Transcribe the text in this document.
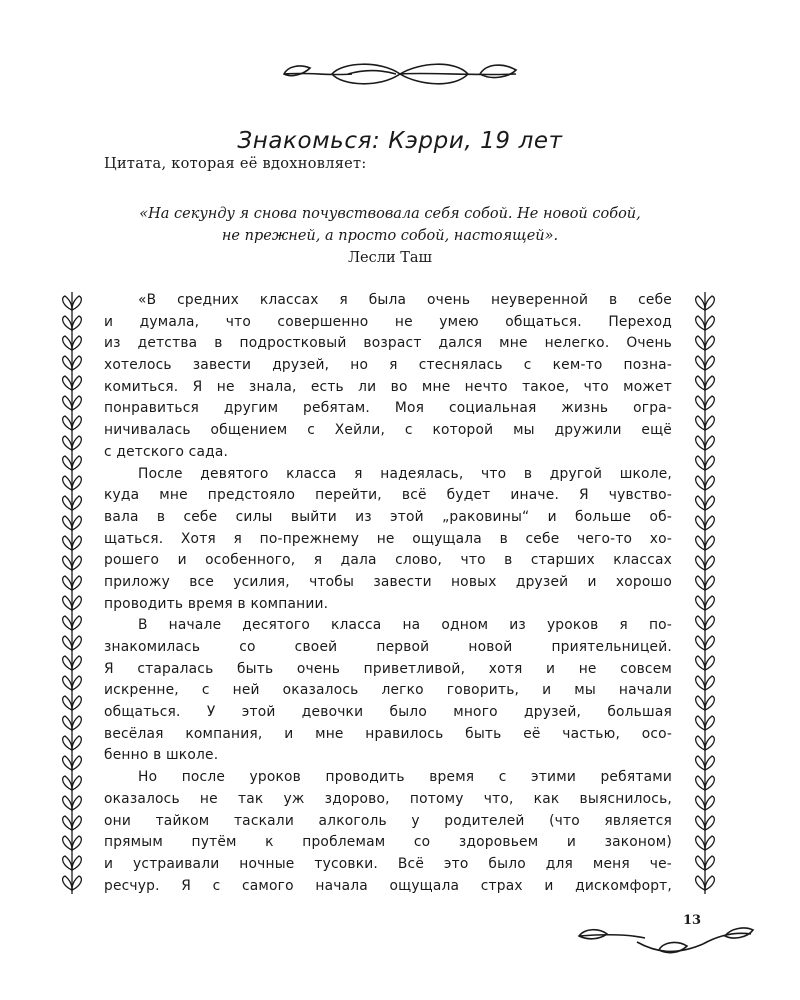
Знакомься: Кэрри, 19 лет
Цитата, которая её вдохновляет:
«На секунду я снова почувствовала себя собой. Не новой собой,
не прежней, а просто собой, настоящей».
Лесли Таш
«В средних классах я была очень неуверенной в себе
и думала, что совершенно не умею общаться. Переход
из детства в подростковый возраст дался мне нелегко. Очень
хотелось завести друзей, но я стеснялась с кем-то позна-
комиться. Я не знала, есть ли во мне нечто такое, что может
понравиться другим ребятам. Моя социальная жизнь огра-
ничивалась общением с Хейли, с которой мы дружили ещё
с детского сада.
После девятого класса я надеялась, что в другой школе,
куда мне предстояло перейти, всё будет иначе. Я чувство-
вала в себе силы выйти из этой „раковины“ и больше об-
щаться. Хотя я по-прежнему не ощущала в себе чего-то хо-
рошего и особенного, я дала слово, что в старших классах
приложу все усилия, чтобы завести новых друзей и хорошо
проводить время в компании.
В начале десятого класса на одном из уроков я по-
знакомилась со своей первой новой приятельницей.
Я старалась быть очень приветливой, хотя и не совсем
искренне, с ней оказалось легко говорить, и мы начали
общаться. У этой девочки было много друзей, большая
весёлая компания, и мне нравилось быть её частью, осо-
бенно в школе.
Но после уроков проводить время с этими ребятами
оказалось не так уж здорово, потому что, как выяснилось,
они тайком таскали алкоголь у родителей (что является
прямым путём к проблемам со здоровьем и законом)
и устраивали ночные тусовки. Всё это было для меня че-
ресчур. Я с самого начала ощущала страх и дискомфорт,
13
